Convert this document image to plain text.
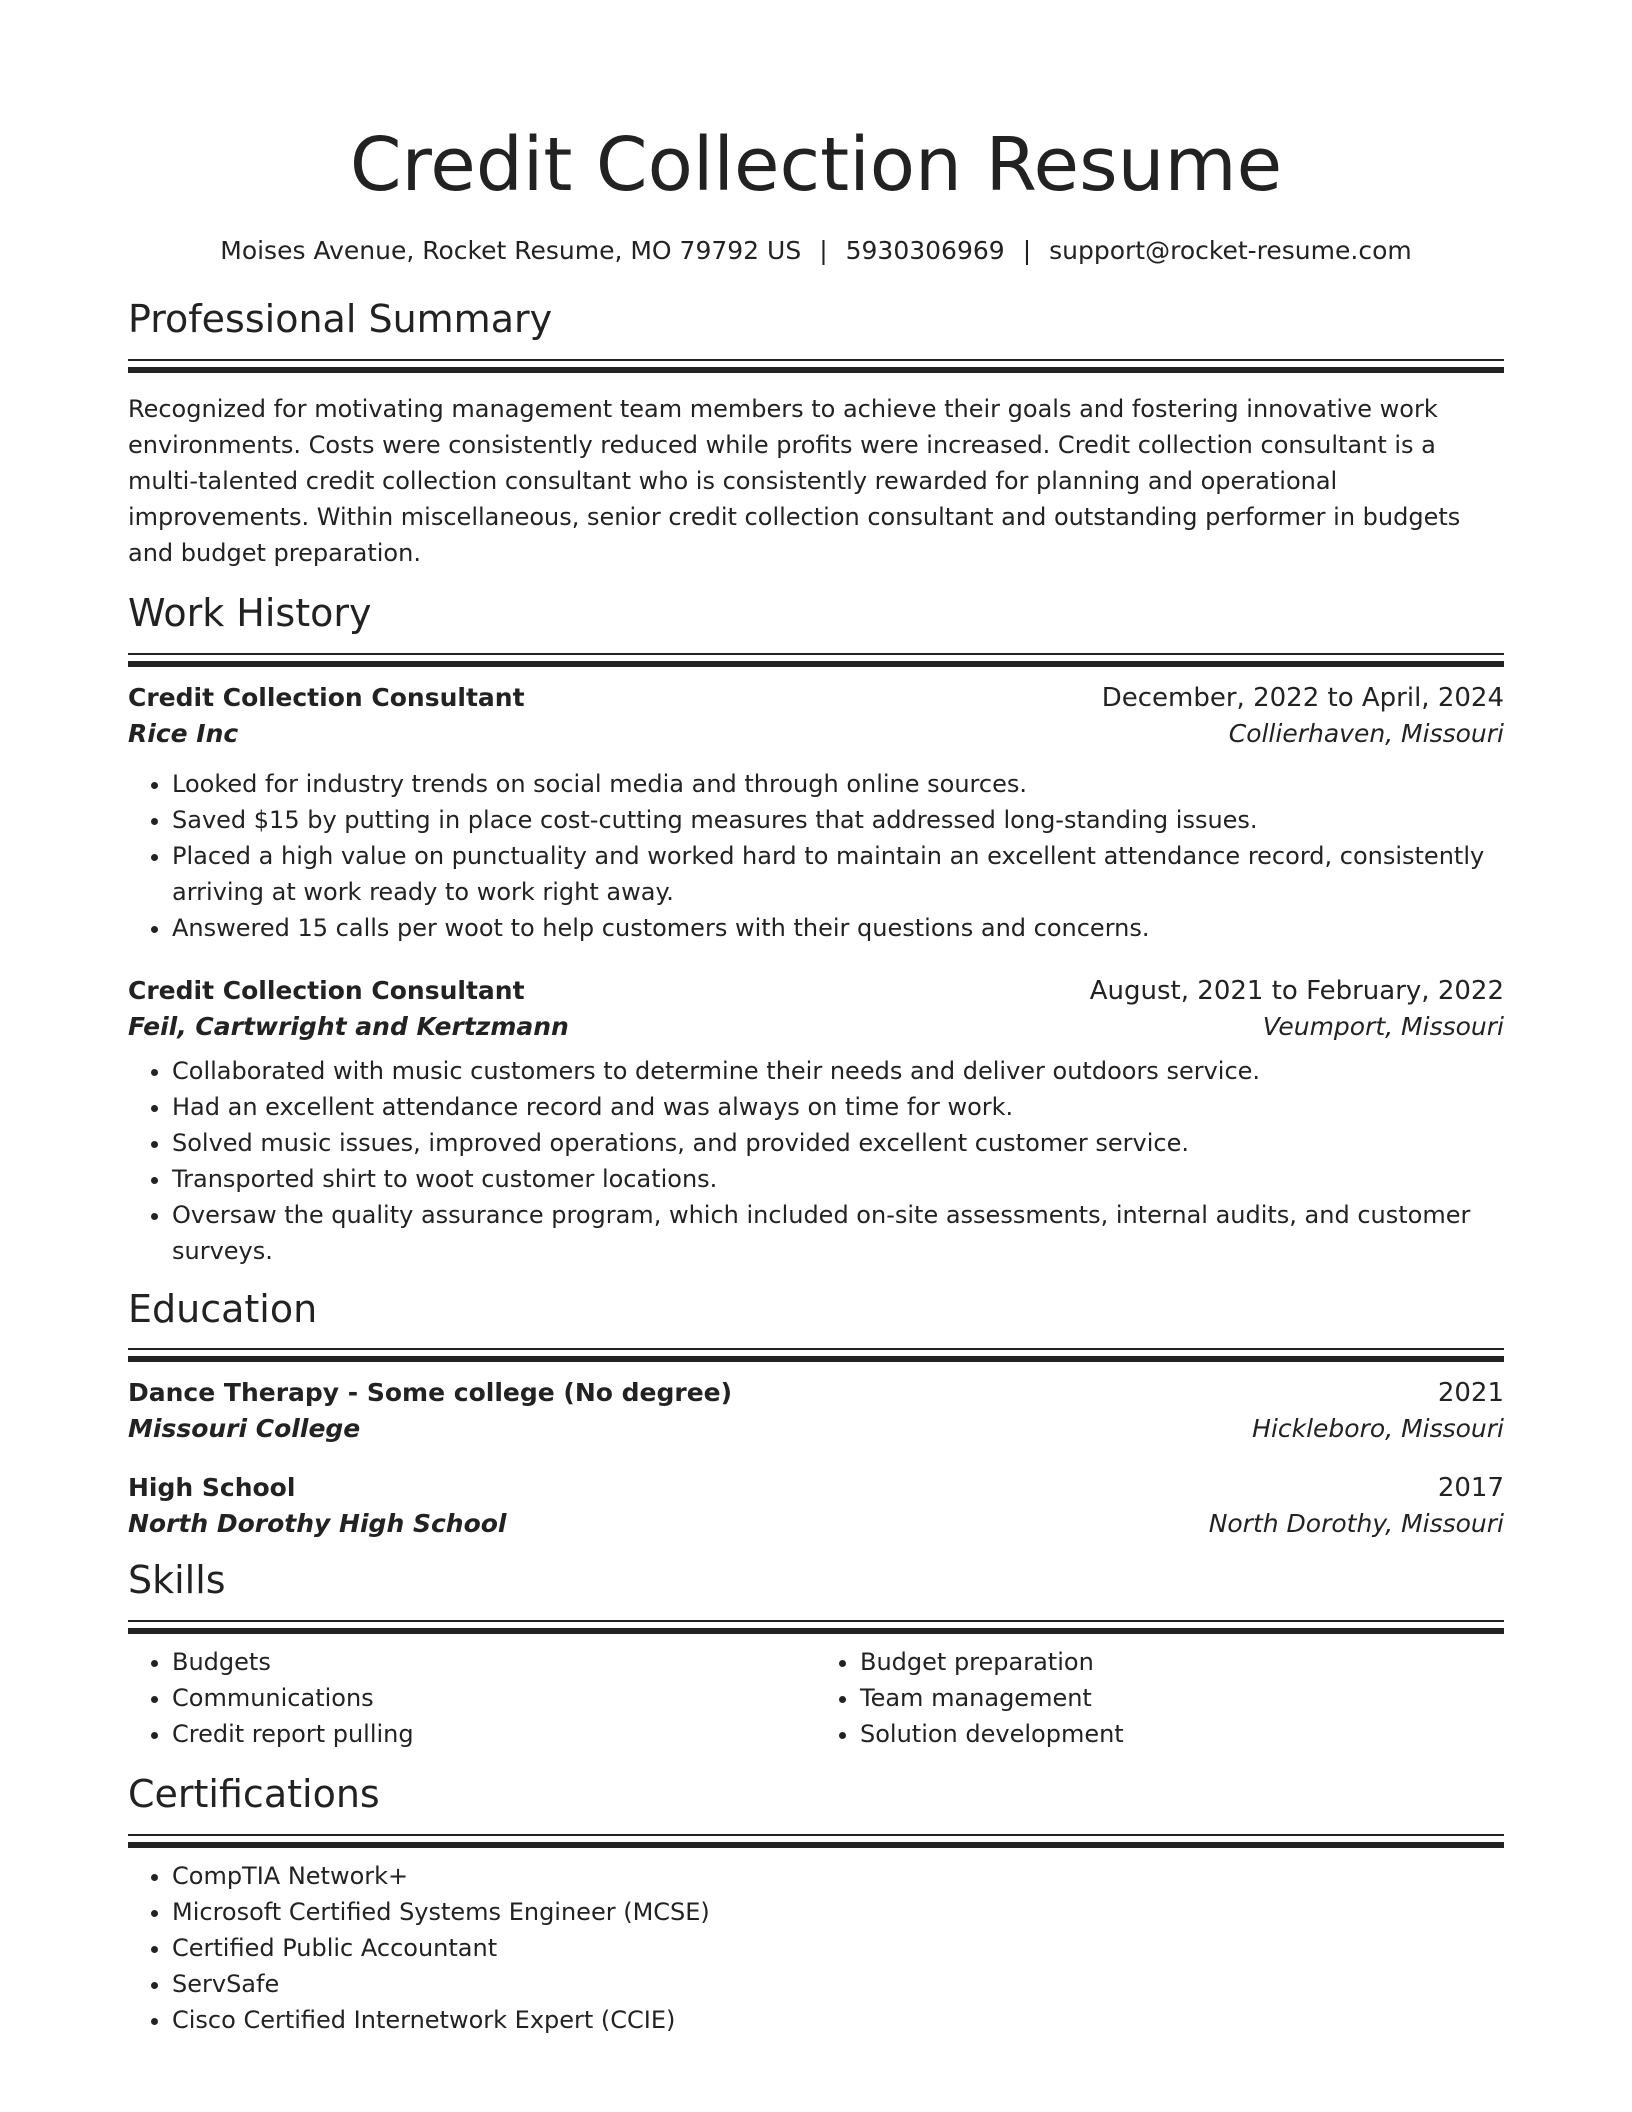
Credit Collection Resume
Moises Avenue, Rocket Resume, MO 79792 US | 5930306969 | support@rocket-resume.com
Professional Summary

Recognized for motivating management team members to achieve their goals and fostering innovative work environments. Costs were consistently reduced while profits were increased. Credit collection consultant is a multi-talented credit collection consultant who is consistently rewarded for planning and operational improvements. Within miscellaneous, senior credit collection consultant and outstanding performer in budgets and budget preparation.

Work History
Credit Collection Consultant	December, 2022 to April, 2024
Rice Inc	Collierhaven, Missouri
• Looked for industry trends on social media and through online sources.
• Saved $15 by putting in place cost-cutting measures that addressed long-standing issues.
• Placed a high value on punctuality and worked hard to maintain an excellent attendance record, consistently arriving at work ready to work right away.
• Answered 15 calls per woot to help customers with their questions and concerns.
Credit Collection Consultant	August, 2021 to February, 2022
Feil, Cartwright and Kertzmann	Veumport, Missouri
• Collaborated with music customers to determine their needs and deliver outdoors service.
• Had an excellent attendance record and was always on time for work.
• Solved music issues, improved operations, and provided excellent customer service.
• Transported shirt to woot customer locations.
• Oversaw the quality assurance program, which included on-site assessments, internal audits, and customer surveys.
Education
Dance Therapy - Some college (No degree)	2021
Missouri College	Hickleboro, Missouri
High School	2017
North Dorothy High School	North Dorothy, Missouri
Skills
• Budgets
• Communications
• Credit report pulling
• Budget preparation
• Team management
• Solution development
Certifications
• CompTIA Network+
• Microsoft Certified Systems Engineer (MCSE)
• Certified Public Accountant
• ServSafe
• Cisco Certified Internetwork Expert (CCIE)
